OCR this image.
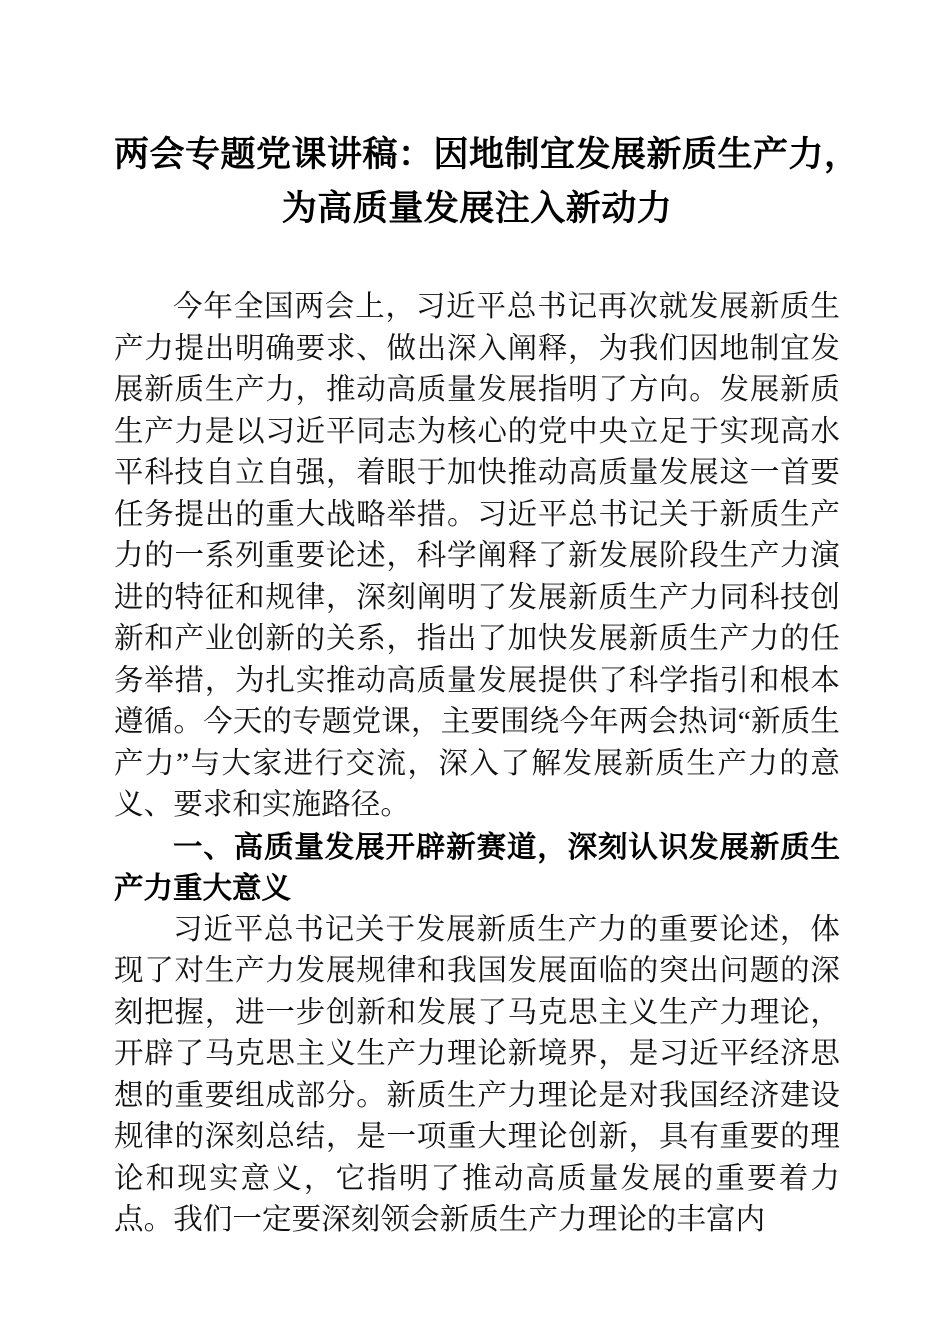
两会专题党课讲稿：因地制宜发展新质生产力，
为高质量发展注入新动力

今年全国两会上，习近平总书记再次就发展新质生产力提出明确要求、做出深入阐释，为我们因地制宜发展新质生产力，推动高质量发展指明了方向。发展新质生产力是以习近平同志为核心的党中央立足于实现高水平科技自立自强，着眼于加快推动高质量发展这一首要任务提出的重大战略举措。习近平总书记关于新质生产力的一系列重要论述，科学阐释了新发展阶段生产力演进的特征和规律，深刻阐明了发展新质生产力同科技创新和产业创新的关系，指出了加快发展新质生产力的任务举措，为扎实推动高质量发展提供了科学指引和根本遵循。今天的专题党课，主要围绕今年两会热词“新质生产力”与大家进行交流，深入了解发展新质生产力的意义、要求和实施路径。

一、高质量发展开辟新赛道，深刻认识发展新质生产力重大意义

习近平总书记关于发展新质生产力的重要论述，体现了对生产力发展规律和我国发展面临的突出问题的深刻把握，进一步创新和发展了马克思主义生产力理论，开辟了马克思主义生产力理论新境界，是习近平经济思想的重要组成部分。新质生产力理论是对我国经济建设规律的深刻总结，是一项重大理论创新，具有重要的理论和现实意义，它指明了推动高质量发展的重要着力点。我们一定要深刻领会新质生产力理论的丰富内
